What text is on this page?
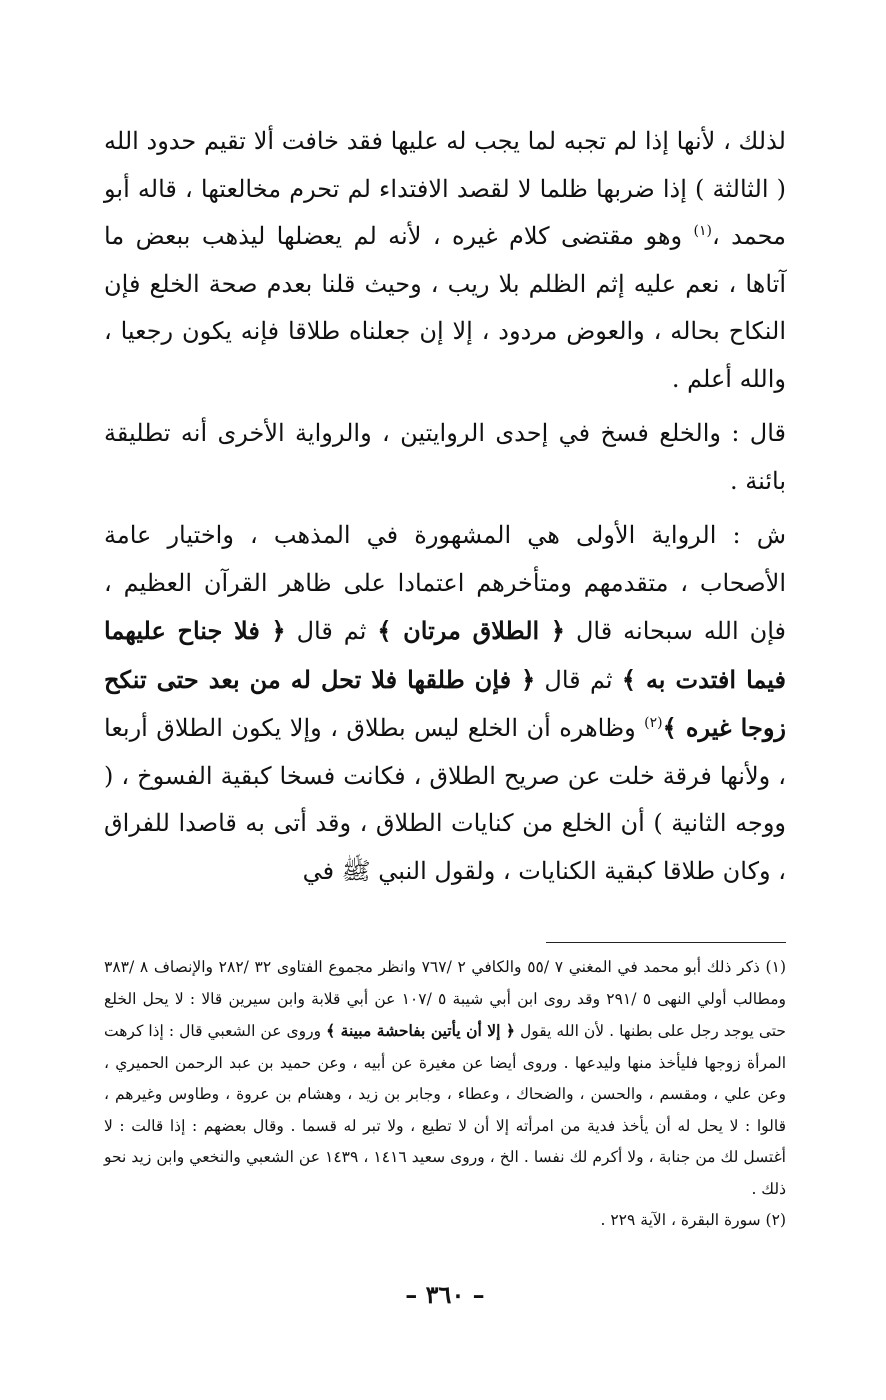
لذلك ، لأنها إذا لم تجبه لما يجب له عليها فقد خافت ألا تقيم حدود الله ( الثالثة ) إذا ضربها ظلما لا لقصد الافتداء لم تحرم مخالعتها ، قاله أبو محمد ،$^{(١)}$ وهو مقتضى كلام غيره ، لأنه لم يعضلها ليذهب ببعض ما آتاها ، نعم عليه إثم الظلم بلا ريب ، وحيث قلنا بعدم صحة الخلع فإن النكاح بحاله ، والعوض مردود ، إلا إن جعلناه طلاقا فإنه يكون رجعيا ، والله أعلم .

قال : والخلع فسخ في إحدى الروايتين ، والرواية الأخرى أنه تطليقة بائنة .

ش : الرواية الأولى هي المشهورة في المذهب ، واختيار عامة الأصحاب ، متقدمهم ومتأخرهم اعتمادا على ظاهر القرآن العظيم ، فإن الله سبحانه قال ﴿ الطلاق مرتان ﴾ ثم قال ﴿ فلا جناح عليهما فيما افتدت به ﴾ ثم قال ﴿ فإن طلقها فلا تحل له من بعد حتى تنكح زوجا غيره ﴾$^{(٢)}$ وظاهره أن الخلع ليس بطلاق ، وإلا يكون الطلاق أربعا ، ولأنها فرقة خلت عن صريح الطلاق ، فكانت فسخا كبقية الفسوخ ، ( ووجه الثانية ) أن الخلع من كنايات الطلاق ، وقد أتى به قاصدا للفراق ، وكان طلاقا كبقية الكنايات ، ولقول النبي ﷺ في

(١) ذكر ذلك أبو محمد في المغني ٧ /٥٥ والكافي ٢ /٧٦٧ وانظر مجموع الفتاوى ٣٢ /٢٨٢ والإنصاف ٨ /٣٨٣ ومطالب أولي النهى ٥ /٢٩١ وقد روى ابن أبي شيبة ٥ /١٠٧ عن أبي قلابة وابن سيرين قالا : لا يحل الخلع حتى يوجد رجل على بطنها . لأن الله يقول ﴿ إلا أن يأتين بفاحشة مبينة ﴾ وروى عن الشعبي قال : إذا كرهت المرأة زوجها فليأخذ منها وليدعها . وروى أيضا عن مغيرة عن أبيه ، وعن حميد بن عبد الرحمن الحميري ، وعن علي ، ومقسم ، والحسن ، والضحاك ، وعطاء ، وجابر بن زيد ، وهشام بن عروة ، وطاوس وغيرهم ، قالوا : لا يحل له أن يأخذ فدية من امرأته إلا أن لا تطيع ، ولا تبر له قسما . وقال بعضهم : إذا قالت : لا أغتسل لك من جنابة ، ولا أكرم لك نفسا . الخ ، وروى سعيد ١٤١٦ ، ١٤٣٩ عن الشعبي والنخعي وابن زيد نحو ذلك .

(٢) سورة البقرة ، الآية ٢٢٩ .

– ٣٦٠ –
